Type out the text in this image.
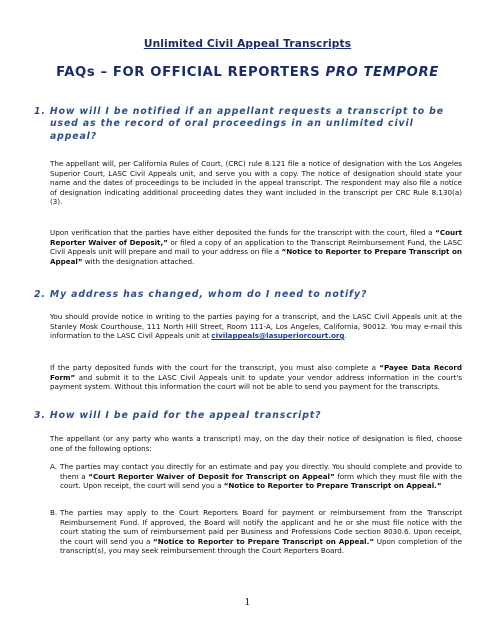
Unlimited Civil Appeal Transcripts
FAQs – FOR OFFICIAL REPORTERS PRO TEMPORE
1. How will I be notified if an appellant requests a transcript to be used as the record of oral proceedings in an unlimited civil appeal?
The appellant will, per California Rules of Court, (CRC) rule 8.121 file a notice of designation with the Los Angeles Superior Court, LASC Civil Appeals unit, and serve you with a copy. The notice of designation should state your name and the dates of proceedings to be included in the appeal transcript. The respondent may also file a notice of designation indicating additional proceeding dates they want included in the transcript per CRC Rule 8.130(a)(3).
Upon verification that the parties have either deposited the funds for the transcript with the court, filed a “Court Reporter Waiver of Deposit,” or filed a copy of an application to the Transcript Reimbursement Fund, the LASC Civil Appeals unit will prepare and mail to your address on file a “Notice to Reporter to Prepare Transcript on Appeal” with the designation attached.
2. My address has changed, whom do I need to notify?
You should provide notice in writing to the parties paying for a transcript, and the LASC Civil Appeals unit at the Stanley Mosk Courthouse, 111 North Hill Street, Room 111-A, Los Angeles, California, 90012. You may e-mail this information to the LASC Civil Appeals unit at civilappeals@lasuperiorcourt.org.
If the party deposited funds with the court for the transcript, you must also complete a “Payee Data Record Form” and submit it to the LASC Civil Appeals unit to update your vendor address information in the court's payment system. Without this information the court will not be able to send you payment for the transcripts.
3. How will I be paid for the appeal transcript?
The appellant (or any party who wants a transcript) may, on the day their notice of designation is filed, choose one of the following options:
A. The parties may contact you directly for an estimate and pay you directly. You should complete and provide to them a “Court Reporter Waiver of Deposit for Transcript on Appeal” form which they must file with the court. Upon receipt, the court will send you a “Notice to Reporter to Prepare Transcript on Appeal.”
B. The parties may apply to the Court Reporters Board for payment or reimbursement from the Transcript Reimbursement Fund. If approved, the Board will notify the applicant and he or she must file notice with the court stating the sum of reimbursement paid per Business and Professions Code section 8030.6. Upon receipt, the court will send you a “Notice to Reporter to Prepare Transcript on Appeal.” Upon completion of the transcript(s), you may seek reimbursement through the Court Reporters Board.
1
